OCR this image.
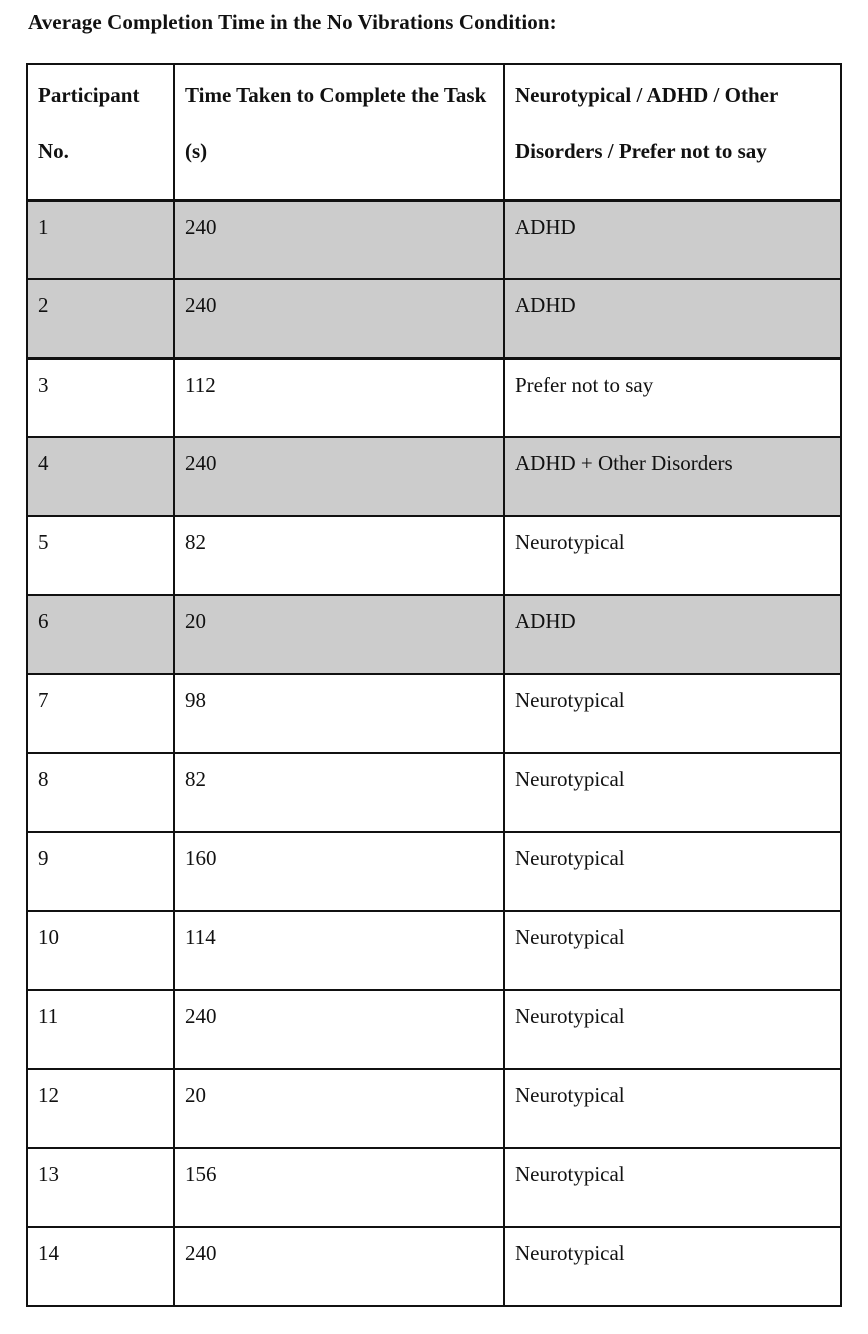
Average Completion Time in the No Vibrations Condition:
Participant No.	Time Taken to Complete the Task (s)	Neurotypical / ADHD / Other Disorders / Prefer not to say
1	240	ADHD
2	240	ADHD
3	112	Prefer not to say
4	240	ADHD + Other Disorders
5	82	Neurotypical
6	20	ADHD
7	98	Neurotypical
8	82	Neurotypical
9	160	Neurotypical
10	114	Neurotypical
11	240	Neurotypical
12	20	Neurotypical
13	156	Neurotypical
14	240	Neurotypical
